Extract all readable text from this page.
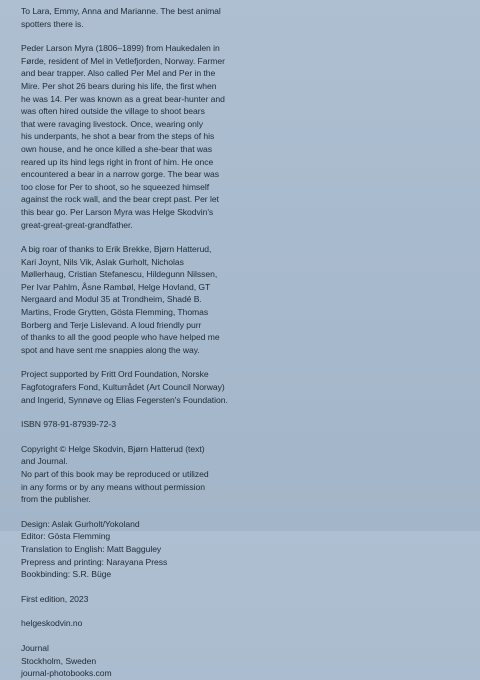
To Lara, Emmy, Anna and Marianne. The best animal
spotters there is.

Peder Larson Myra (1806–1899) from Haukedalen in
Førde, resident of Mel in Vetlefjorden, Norway. Farmer
and bear trapper. Also called Per Mel and Per in the
Mire. Per shot 26 bears during his life, the first when
he was 14. Per was known as a great bear-hunter and
was often hired outside the village to shoot bears
that were ravaging livestock. Once, wearing only
his underpants, he shot a bear from the steps of his
own house, and he once killed a she-bear that was
reared up its hind legs right in front of him. He once
encountered a bear in a narrow gorge. The bear was
too close for Per to shoot, so he squeezed himself
against the rock wall, and the bear crept past. Per let
this bear go. Per Larson Myra was Helge Skodvin's
great-great-great-grandfather.

A big roar of thanks to Erik Brekke, Bjørn Hatterud,
Kari Joynt, Nils Vik, Aslak Gurholt, Nicholas
Møllerhaug, Cristian Stefanescu, Hildegunn Nilssen,
Per Ivar Pahlm, Åsne Rambøl, Helge Hovland, GT
Nergaard and Modul 35 at Trondheim, Shadé B.
Martins, Frode Grytten, Gösta Flemming, Thomas
Borberg and Terje Lislevand. A loud friendly purr
of thanks to all the good people who have helped me
spot and have sent me snappies along the way.

Project supported by Fritt Ord Foundation, Norske
Fagfotografers Fond, Kulturrådet (Art Council Norway)
and Ingerid, Synnøve og Elias Fegersten's Foundation.

ISBN 978-91-87939-72-3

Copyright © Helge Skodvin, Bjørn Hatterud (text)
and Journal.
No part of this book may be reproduced or utilized
in any forms or by any means without permission
from the publisher.

Design: Aslak Gurholt/Yokoland
Editor: Gösta Flemming
Translation to English: Matt Bagguley
Prepress and printing: Narayana Press
Bookbinding: S.R. Büge

First edition, 2023

helgeskodvin.no

Journal
Stockholm, Sweden
journal-photobooks.com
